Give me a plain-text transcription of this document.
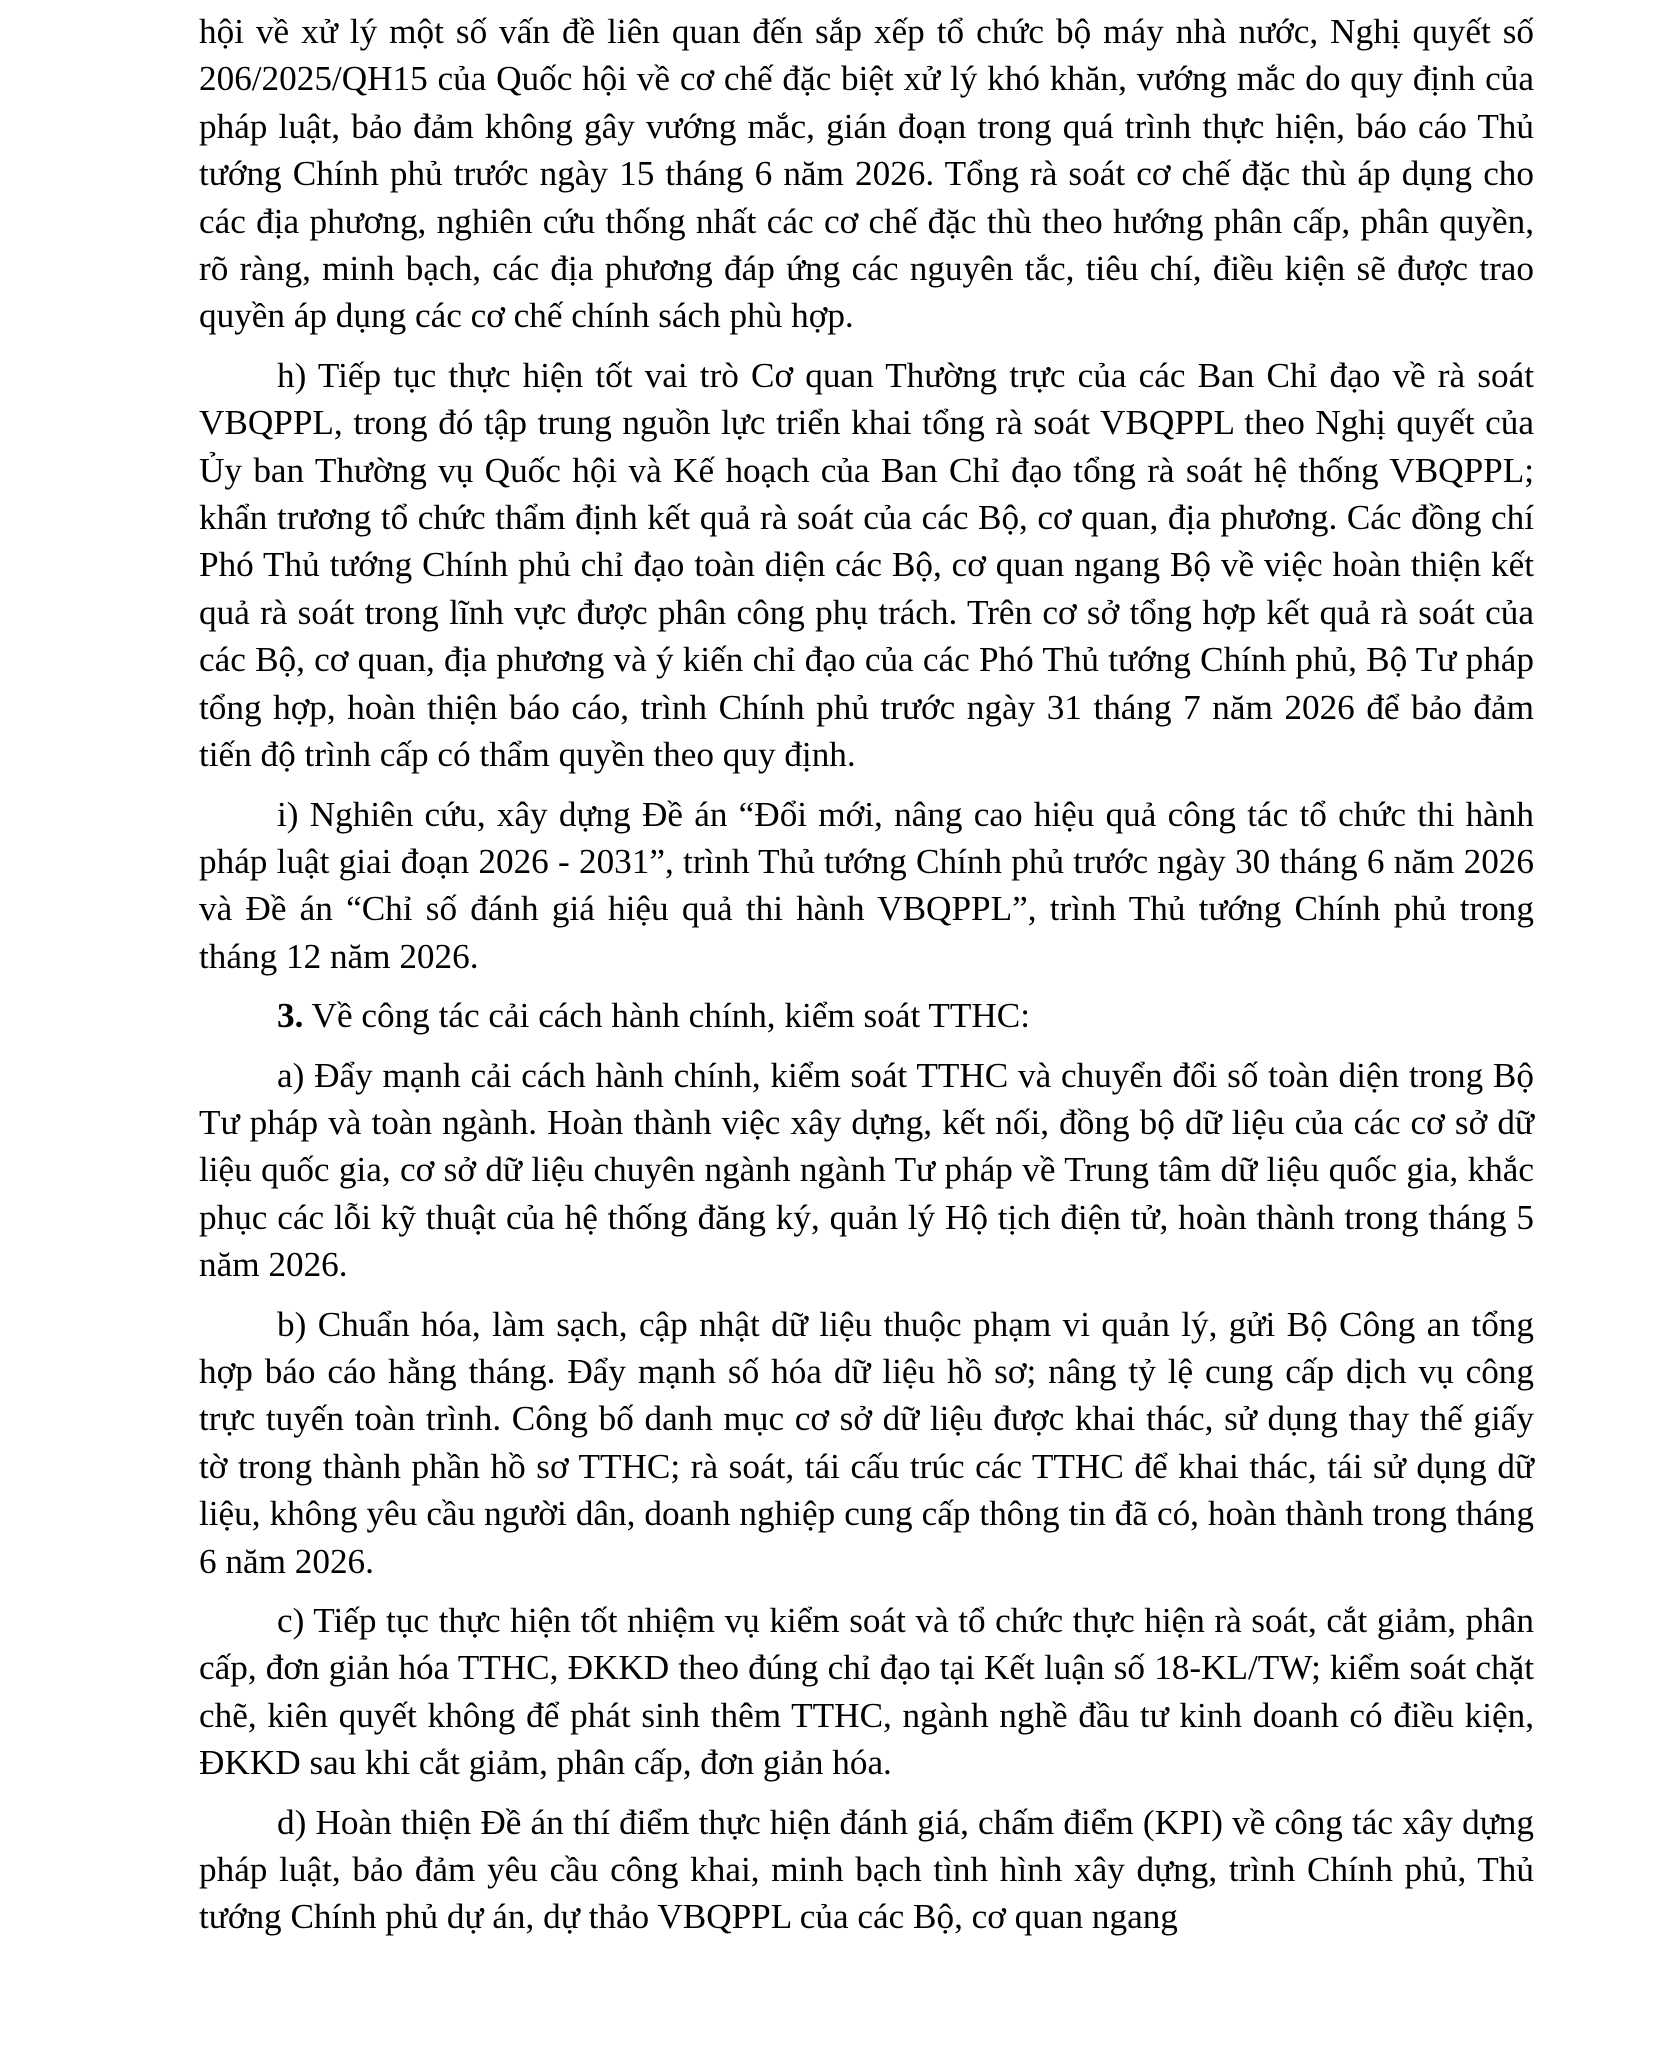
hội về xử lý một số vấn đề liên quan đến sắp xếp tổ chức bộ máy nhà nước, Nghị quyết số 206/2025/QH15 của Quốc hội về cơ chế đặc biệt xử lý khó khăn, vướng mắc do quy định của pháp luật, bảo đảm không gây vướng mắc, gián đoạn trong quá trình thực hiện, báo cáo Thủ tướng Chính phủ trước ngày 15 tháng 6 năm 2026. Tổng rà soát cơ chế đặc thù áp dụng cho các địa phương, nghiên cứu thống nhất các cơ chế đặc thù theo hướng phân cấp, phân quyền, rõ ràng, minh bạch, các địa phương đáp ứng các nguyên tắc, tiêu chí, điều kiện sẽ được trao quyền áp dụng các cơ chế chính sách phù hợp.

h) Tiếp tục thực hiện tốt vai trò Cơ quan Thường trực của các Ban Chỉ đạo về rà soát VBQPPL, trong đó tập trung nguồn lực triển khai tổng rà soát VBQPPL theo Nghị quyết của Ủy ban Thường vụ Quốc hội và Kế hoạch của Ban Chỉ đạo tổng rà soát hệ thống VBQPPL; khẩn trương tổ chức thẩm định kết quả rà soát của các Bộ, cơ quan, địa phương. Các đồng chí Phó Thủ tướng Chính phủ chỉ đạo toàn diện các Bộ, cơ quan ngang Bộ về việc hoàn thiện kết quả rà soát trong lĩnh vực được phân công phụ trách. Trên cơ sở tổng hợp kết quả rà soát của các Bộ, cơ quan, địa phương và ý kiến chỉ đạo của các Phó Thủ tướng Chính phủ, Bộ Tư pháp tổng hợp, hoàn thiện báo cáo, trình Chính phủ trước ngày 31 tháng 7 năm 2026 để bảo đảm tiến độ trình cấp có thẩm quyền theo quy định.

i) Nghiên cứu, xây dựng Đề án “Đổi mới, nâng cao hiệu quả công tác tổ chức thi hành pháp luật giai đoạn 2026 - 2031”, trình Thủ tướng Chính phủ trước ngày 30 tháng 6 năm 2026 và Đề án “Chỉ số đánh giá hiệu quả thi hành VBQPPL”, trình Thủ tướng Chính phủ trong tháng 12 năm 2026.

3. Về công tác cải cách hành chính, kiểm soát TTHC:

a) Đẩy mạnh cải cách hành chính, kiểm soát TTHC và chuyển đổi số toàn diện trong Bộ Tư pháp và toàn ngành. Hoàn thành việc xây dựng, kết nối, đồng bộ dữ liệu của các cơ sở dữ liệu quốc gia, cơ sở dữ liệu chuyên ngành ngành Tư pháp về Trung tâm dữ liệu quốc gia, khắc phục các lỗi kỹ thuật của hệ thống đăng ký, quản lý Hộ tịch điện tử, hoàn thành trong tháng 5 năm 2026.

b) Chuẩn hóa, làm sạch, cập nhật dữ liệu thuộc phạm vi quản lý, gửi Bộ Công an tổng hợp báo cáo hằng tháng. Đẩy mạnh số hóa dữ liệu hồ sơ; nâng tỷ lệ cung cấp dịch vụ công trực tuyến toàn trình. Công bố danh mục cơ sở dữ liệu được khai thác, sử dụng thay thế giấy tờ trong thành phần hồ sơ TTHC; rà soát, tái cấu trúc các TTHC để khai thác, tái sử dụng dữ liệu, không yêu cầu người dân, doanh nghiệp cung cấp thông tin đã có, hoàn thành trong tháng 6 năm 2026.

c) Tiếp tục thực hiện tốt nhiệm vụ kiểm soát và tổ chức thực hiện rà soát, cắt giảm, phân cấp, đơn giản hóa TTHC, ĐKKD theo đúng chỉ đạo tại Kết luận số 18-KL/TW; kiểm soát chặt chẽ, kiên quyết không để phát sinh thêm TTHC, ngành nghề đầu tư kinh doanh có điều kiện, ĐKKD sau khi cắt giảm, phân cấp, đơn giản hóa.

d) Hoàn thiện Đề án thí điểm thực hiện đánh giá, chấm điểm (KPI) về công tác xây dựng pháp luật, bảo đảm yêu cầu công khai, minh bạch tình hình xây dựng, trình Chính phủ, Thủ tướng Chính phủ dự án, dự thảo VBQPPL của các Bộ, cơ quan ngang
